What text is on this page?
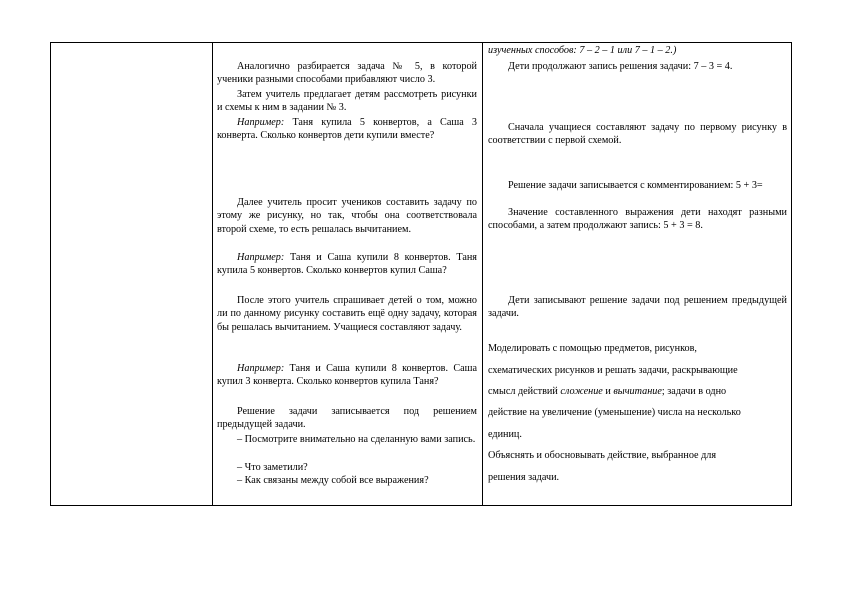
Аналогично разбирается задача № 5, в которой ученики разными способами прибавляют число 3.

Затем учитель предлагает детям рассмотреть рисунки и схемы к ним в задании № 3.

Например: Таня купила 5 конвертов, а Саша 3 конверта. Сколько конвертов дети купили вместе?

Далее учитель просит учеников составить задачу по этому же рисунку, но так, чтобы она соответствовала второй схеме, то есть решалась вычитанием.

Например: Таня и Саша купили 8 конвертов. Таня купила 5 конвертов. Сколько конвертов купил Саша?

После этого учитель спрашивает детей о том, можно ли по данному рисунку составить ещё одну задачу, которая бы решалась вычитанием. Учащиеся составляют задачу.

Например: Таня и Саша купили 8 конвертов. Саша купил 3 конверта. Сколько конвертов купила Таня?

Решение задачи записывается под решением предыдущей задачи.

– Посмотрите внимательно на сделанную вами запись.

– Что заметили?

– Как связаны между собой все выражения?

изученных способов: 7 – 2 – 1 или 7 – 1 – 2.)

Дети продолжают запись решения задачи: 7 – 3 = 4.

Сначала учащиеся составляют задачу по первому рисунку в соответствии с первой схемой.

Решение задачи записывается с комментированием: 5 + 3=

Значение составленного выражения дети находят разными способами, а затем продолжают запись: 5 + 3 = 8.

Дети записывают решение задачи под решением предыдущей задачи.

Моделировать с помощью предметов, рисунков,

схематических рисунков и решать задачи, раскрывающие

смысл действий сложение и вычитание; задачи в одно

действие на увеличение (уменьшение) числа на несколько

единиц.

Объяснять и обосновывать действие, выбранное для

решения задачи.
